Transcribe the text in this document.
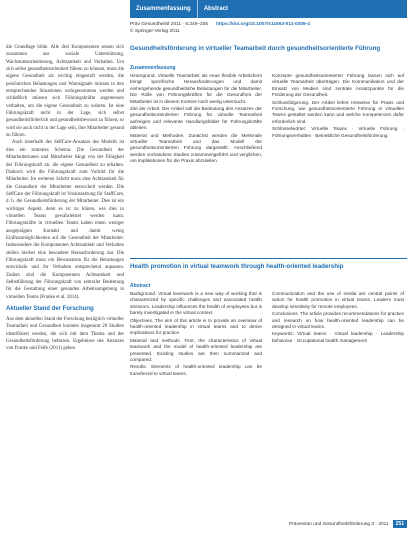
die Grundlage bilde. Alle drei Komponenten setzen sich zusammen aus soziale Unterstützung, Wachstumsorientierung, Achtsamkeit und Verhalten. Um sich selbst gesundheitsorientiert führen zu können, muss die eigene Gesundheit als wichtig eingestuft werden, die persönlichen Belastungen und Warnsignale müssen in den entsprechenden Situationen wahrgenommen werden und schließlich müssen sich Führungskräfte angemessen verhalten, um die eigene Gesundheit zu wahren. Ist eine Führungskraft nicht in der Lage, sich selbst gesundheitsförderlich und gesundheitsbewusst zu führen, so wird sie auch nicht in der Lage sein, ihre Mitarbeiter gesund zu führen.

Auch innerhalb des SelfCare-Ansatzes des Modells ist dies ein zentrales Schema. Die Gesundheit der Mitarbeiterinnen und Mitarbeiter hängt von der Fähigkeit der Führungskraft ab, die eigene Gesundheit zu erhalten. Dadurch wird die Führungskraft zum Vorbild für die Mitarbeiter. Im weiteren Schritt muss eine Achtsamkeit für die Gesundheit der Mitarbeiter entwickelt werden. Die SelfCare der Führungskraft ist Voraussetzung für StaffCare, d. h. die Gesundheitsförderung der Mitarbeiter. Dies ist ein wichtiger Aspekt, denn es ist zu klären, wie dies in virtuellen Teams gewährleistet werden kann. Führungskräfte in virtuellen Teams haben einen weniger ausgeprägten Kontakt und damit wenig Einflussmöglichkeiten auf die Gesundheit der Mitarbeiter. Insbesondere die Komponenten Achtsamkeit und Verhalten stellen hierbei eine besondere Herausforderung dar. Die Führungskraft muss ein Bewusstsein für die Belastungen entwickeln und ihr Verhalten entsprechend anpassen. Zudem sind die Komponenten Achtsamkeit und Selbstführung der Führungskraft von zentraler Bedeutung für die Gestaltung einer gesunden Arbeitsumgebung in virtuellen Teams (Franke et al. 2014).

Aktueller Stand der Forschung

Aus dem aktuellen Stand der Forschung bezüglich virtueller Teamarbeit und Gesundheit konnten insgesamt 20 Studien identifiziert werden, die sich mit dem Thema und der Gesundheitsförderung befassen. Ergebnisse des Ansatzes von Franke und Felfe (2011) gehen

Zusammenfassung	Abstract
Präv Gesundheitsf 2011 · 6:249–255 https://doi.org/10.1007/s11553-011-0309-4
© Springer-Verlag 2011
Gesundheitsförderung in virtueller Teamarbeit durch gesundheitsorientierte Führung
Zusammenfassung

Hintergrund. Virtuelle Teamarbeit als neue flexible Arbeitsform bringt spezifische Herausforderungen und damit einhergehende gesundheitliche Belastungen für die Mitarbeiter. Die Rolle von Führungskräften für die Gesundheit der Mitarbeiter ist in diesem Kontext noch wenig untersucht.

Ziel der Arbeit. Der Artikel soll die Bedeutung des Ansatzes der gesundheitsorientierten Führung für virtuelle Teamarbeit aufzeigen und relevante Handlungsfelder für Führungskräfte ableiten.

Material und Methoden. Zunächst werden die Merkmale virtueller Teamarbeit und das Modell der gesundheitsorientierten Führung dargestellt. Anschließend werden vorhandene Studien zusammengeführt und verglichen, um Implikationen für die Praxis abzuleiten.

Konzepte gesundheitsorientierter Führung lassen sich auf virtuelle Teamarbeit übertragen. Die Kommunikation und der Einsatz von Medien sind zentrale Ansatzpunkte für die Förderung der Gesundheit.

Schlussfolgerung. Der Artikel liefert Hinweise für Praxis und Forschung, wie gesundheitsorientierte Führung in virtuellen Teams gestaltet werden kann und welche Kompetenzen dafür erforderlich sind.

Schlüsselwörter: Virtuelle Teams · Virtuelle Führung · Führungsverhalten · Betriebliche Gesundheitsförderung

Health promotion in virtual teamwork through health-oriented leadership
Abstract

Background. Virtual teamwork is a new way of working that is characterized by specific challenges and associated health stressors. Leadership influences the health of employees but is barely investigated in the virtual context.

Objectives. The aim of this article is to provide an overview of health-oriented leadership in virtual teams and to derive implications for practice.

Material and methods. First, the characteristics of virtual teamwork and the model of health-oriented leadership are presented. Existing studies are then summarized and compared.

Results. Elements of health-oriented leadership can be transferred to virtual teams.

Communication and the use of media are central points of action for health promotion in virtual teams. Leaders must develop sensitivity for remote employees.

Conclusions. The article provides recommendations for practice and research on how health-oriented leadership can be designed in virtual teams.

Keywords: Virtual teams · Virtual leadership · Leadership behaviour · Occupational health management

Prävention und Gesundheitsförderung 3 · 2011	251
